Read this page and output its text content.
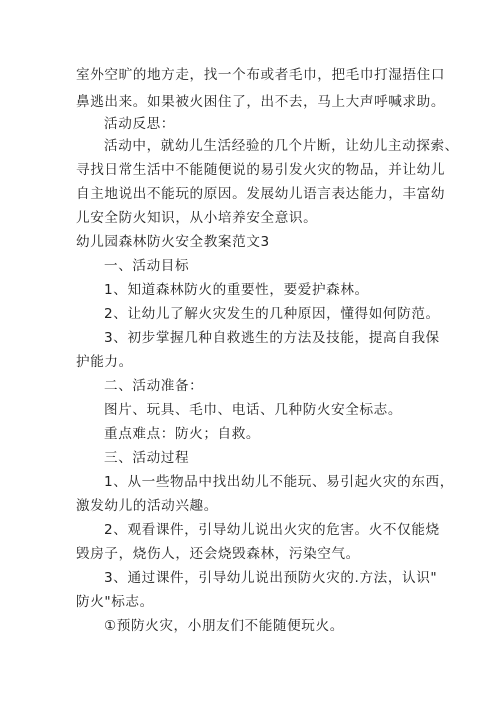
室外空旷的地方走，找一个布或者毛巾，把毛巾打湿捂住口
鼻逃出来。如果被火困住了，出不去，马上大声呼喊求助。
活动反思：
活动中，就幼儿生活经验的几个片断，让幼儿主动探索、
寻找日常生活中不能随便说的易引发火灾的物品，并让幼儿
自主地说出不能玩的原因。发展幼儿语言表达能力，丰富幼
儿安全防火知识，从小培养安全意识。
幼儿园森林防火安全教案范文3
一、活动目标
1、知道森林防火的重要性，要爱护森林。
2、让幼儿了解火灾发生的几种原因，懂得如何防范。
3、初步掌握几种自救逃生的方法及技能，提高自我保
护能力。
二、活动准备：
图片、玩具、毛巾、电话、几种防火安全标志。
重点难点：防火；自救。
三、活动过程
1、从一些物品中找出幼儿不能玩、易引起火灾的东西，
激发幼儿的活动兴趣。
2、观看课件，引导幼儿说出火灾的危害。火不仅能烧
毁房子，烧伤人，还会烧毁森林，污染空气。
3、通过课件，引导幼儿说出预防火灾的.方法，认识"
防火"标志。
①预防火灾，小朋友们不能随便玩火。
